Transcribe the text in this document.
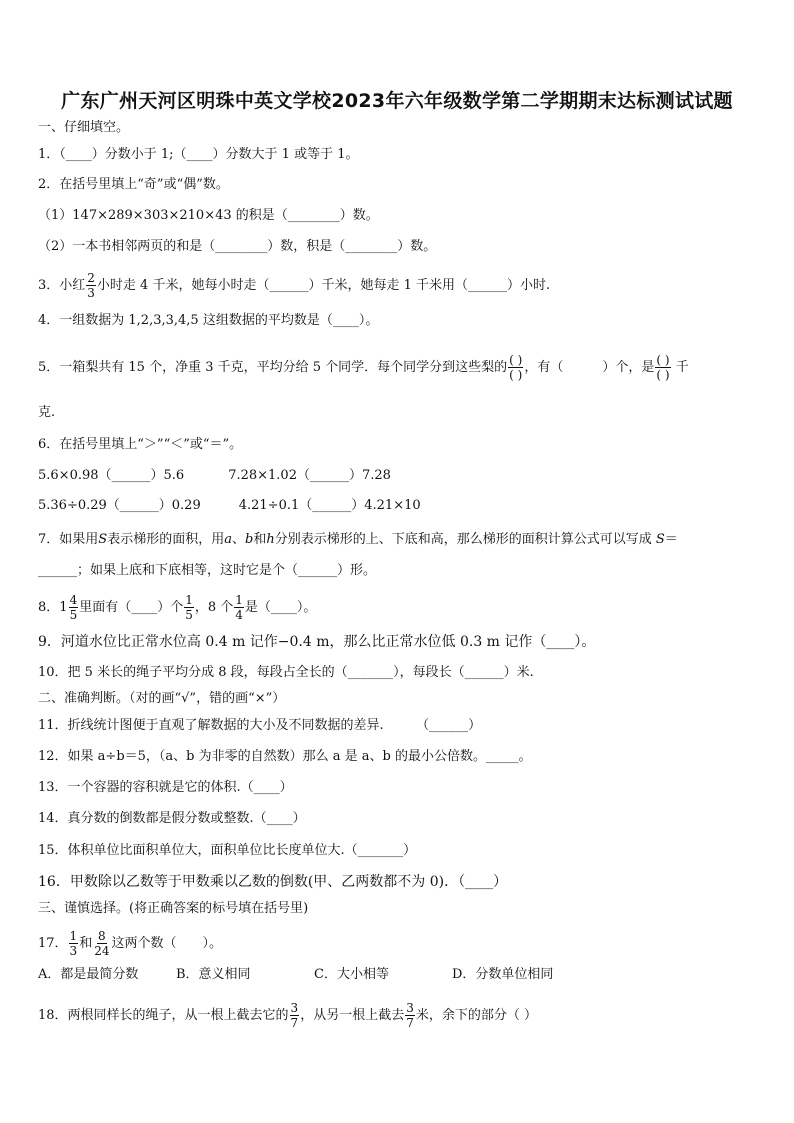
广东广州天河区明珠中英文学校2023年六年级数学第二学期期末达标测试试题
一、仔细填空。
1．（____）分数小于 1;（____）分数大于 1 或等于 1。
2．在括号里填上“奇”或“偶”数。
（1）147×289×303×210×43 的积是（________）数。
（2）一本书相邻两页的和是（________）数，积是（________）数。
3．小红 $\frac{2}{3}$ 小时走 4 千米，她每小时走（______）千米，她每走 1 千米用（______）小时.
4．一组数据为 1,2,3,3,4,5 这组数据的平均数是（____）。
5．一箱梨共有 15 个，净重 3 千克，平均分给 5 个同学．每个同学分到这些梨的 $\frac{( )}{( )}$ ，有（　　　）个，是 $\frac{( )}{( )}$ 千
克.
6．在括号里填上“＞”“＜”或“＝”。
5.6×0.98（______）5.6	7.28×1.02（______）7.28
5.36÷0.29（______）0.29	4.21÷0.1（______）4.21×10
7．如果用S表示梯形的面积，用a、b和h分别表示梯形的上、下底和高，那么梯形的面积计算公式可以写成 S＝
______；如果上底和下底相等，这时它是个（______）形。
8． $1 \frac{4}{5}$ 里面有（____）个 $\frac{1}{5}$ ，8 个 $\frac{1}{4}$ 是（____）。
9．河道水位比正常水位高 0.4 m 记作−0.4 m，那么比正常水位低 0.3 m 记作（____）。
10．把 5 米长的绳子平均分成 8 段，每段占全长的（_______），每段长（______）米.
二、准确判断。（对的画“√”，错的画“×”）
11．折线统计图便于直观了解数据的大小及不同数据的差异.　　　（______）
12．如果 a÷b＝5，（a、b 为非零的自然数）那么 a 是 a、b 的最小公倍数。_____。
13．一个容器的容积就是它的体积.（____）
14．真分数的倒数都是假分数或整数.（____）
15．体积单位比面积单位大，面积单位比长度单位大.（_______）
16．甲数除以乙数等于甲数乘以乙数的倒数(甲、乙两数都不为 0)．（____）
三、谨慎选择。(将正确答案的标号填在括号里)
17． $\frac{1}{3}$ 和 $\frac{8}{24}$ 这两个数（　　）。
A．都是最简分数	B．意义相同	C．大小相等	D．分数单位相同
18．两根同样长的绳子，从一根上截去它的 $\frac{3}{7}$ ，从另一根上截去 $\frac{3}{7}$ 米，余下的部分（ ）
